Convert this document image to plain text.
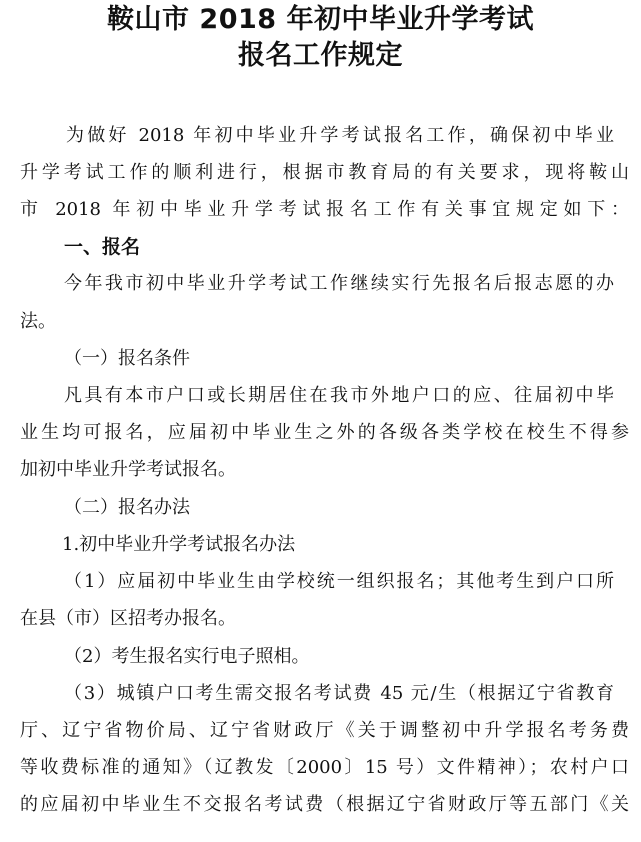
鞍山市 2018 年初中毕业升学考试
报名工作规定
为做好 2018 年初中毕业升学考试报名工作，确保初中毕业
升学考试工作的顺利进行，根据市教育局的有关要求，现将鞍山
市 2018 年初中毕业升学考试报名工作有关事宜规定如下：
一、报名
今年我市初中毕业升学考试工作继续实行先报名后报志愿的办
法。
（一）报名条件
凡具有本市户口或长期居住在我市外地户口的应、往届初中毕
业生均可报名，应届初中毕业生之外的各级各类学校在校生不得参
加初中毕业升学考试报名。
（二）报名办法
1.初中毕业升学考试报名办法
（1）应届初中毕业生由学校统一组织报名；其他考生到户口所
在县（市）区招考办报名。
（2）考生报名实行电子照相。
（3）城镇户口考生需交报名考试费 45 元/生（根据辽宁省教育
厅、辽宁省物价局、辽宁省财政厅《关于调整初中升学报名考务费
等收费标准的通知》（辽教发〔2000〕15 号）文件精神）；农村户口
的应届初中毕业生不交报名考试费（根据辽宁省财政厅等五部门《关
